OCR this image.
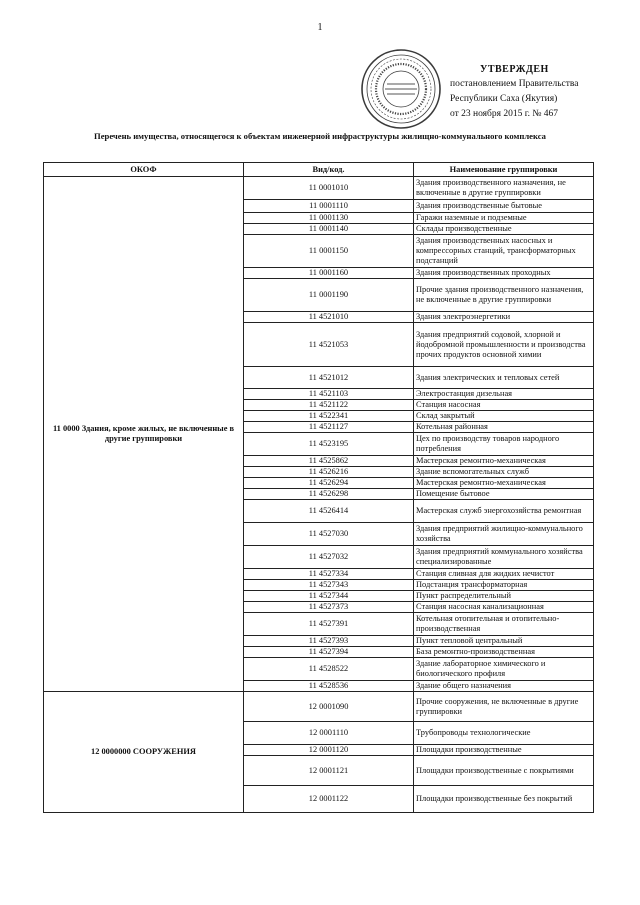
1
УТВЕРЖДЕН
постановлением Правительства
Республики Саха (Якутия)
от 23 ноября 2015 г. № 467
Перечень имущества, относящегося к объектам инженерной инфраструктуры жилищно-коммунального комплекса
ОКОФ	Вид/код.	Наименование группировки
11 0000 Здания, кроме жилых, не включенные в другие группировки	11 0001010	Здания производственного назначения, не включенные в другие группировки
	11 0001110	Здания производственные бытовые
	11 0001130	Гаражи наземные и подземные
	11 0001140	Склады производственные
	11 0001150	Здания производственных насосных и компрессорных станций, трансформаторных подстанций
	11 0001160	Здания производственных проходных
	11 0001190	Прочие здания производственного назначения, не включенные в другие группировки
	11 4521010	Здания электроэнергетики
	11 4521053	Здания предприятий содовой, хлорной и йодобромной промышленности и производства прочих продуктов основной химии
	11 4521012	Здания электрических и тепловых сетей
	11 4521103	Электростанция дизельная
	11 4521122	Станция насосная
	11 4522341	Склад закрытый
	11 4521127	Котельная районная
	11 4523195	Цех по производству товаров народного потребления
	11 4525862	Мастерская ремонтно-механическая
	11 4526216	Здание вспомогательных служб
	11 4526294	Мастерская ремонтно-механическая
	11 4526298	Помещение бытовое
	11 4526414	Мастерская служб энергохозяйства ремонтная
	11 4527030	Здания предприятий жилищно-коммунального хозяйства
	11 4527032	Здания предприятий коммунального хозяйства специализированные
	11 4527334	Станция сливная для жидких нечистот
	11 4527343	Подстанция трансформаторная
	11 4527344	Пункт распределительный
	11 4527373	Станция насосная канализационная
	11 4527391	Котельная отопительная и отопительно-производственная
	11 4527393	Пункт тепловой центральный
	11 4527394	База ремонтно-производственная
	11 4528522	Здание лабораторное химического и биологического профиля
	11 4528536	Здание общего назначения
12 0000000 СООРУЖЕНИЯ	12 0001090	Прочие сооружения, не включенные в другие группировки
	12 0001110	Трубопроводы технологические
	12 0001120	Площадки производственные
	12 0001121	Площадки производственные с покрытиями
	12 0001122	Площадки производственные без покрытий
